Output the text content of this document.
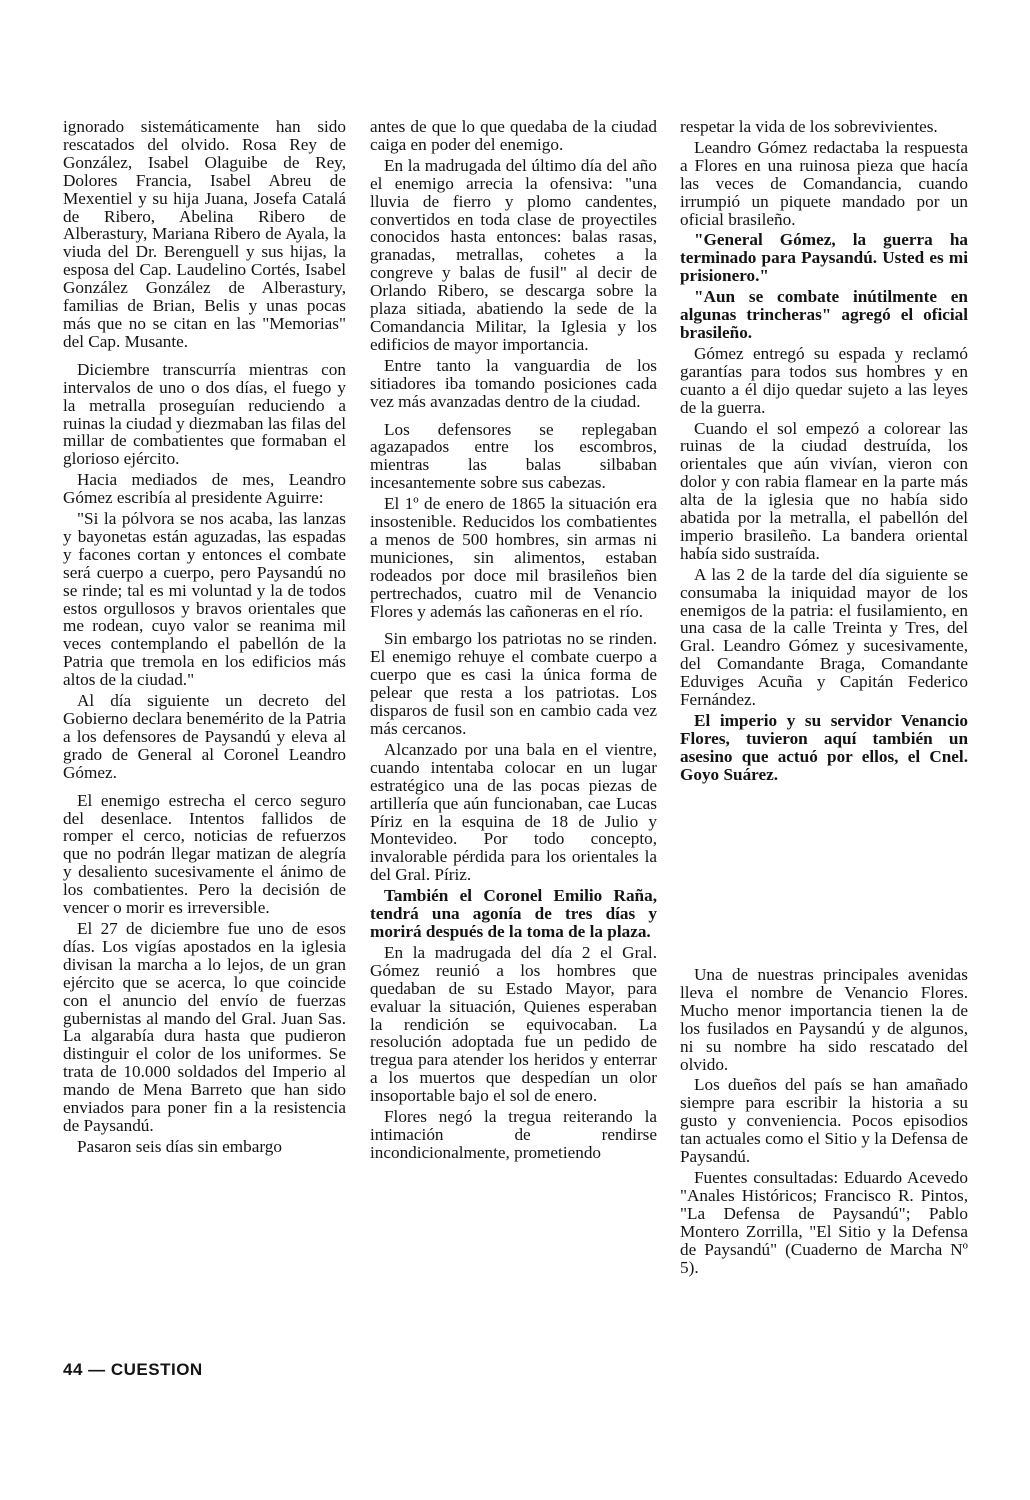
ignorado sistemáticamente han sido rescatados del olvido. Rosa Rey de González, Isabel Olaguibe de Rey, Dolores Francia, Isabel Abreu de Mexentiel y su hija Juana, Josefa Catalá de Ribero, Abelina Ribero de Alberastury, Mariana Ribero de Ayala, la viuda del Dr. Berenguell y sus hijas, la esposa del Cap. Laudelino Cortés, Isabel González González de Alberastury, familias de Brian, Belis y unas pocas más que no se citan en las "Memorias" del Cap. Musante.

Diciembre transcurría mientras con intervalos de uno o dos días, el fuego y la metralla proseguían reduciendo a ruinas la ciudad y diezmaban las filas del millar de combatientes que formaban el glorioso ejército.

Hacia mediados de mes, Leandro Gómez escribía al presidente Aguirre:

"Si la pólvora se nos acaba, las lanzas y bayonetas están aguzadas, las espadas y facones cortan y entonces el combate será cuerpo a cuerpo, pero Paysandú no se rinde; tal es mi voluntad y la de todos estos orgullosos y bravos orientales que me rodean, cuyo valor se reanima mil veces contemplando el pabellón de la Patria que tremola en los edificios más altos de la ciudad."

Al día siguiente un decreto del Gobierno declara benemérito de la Patria a los defensores de Paysandú y eleva al grado de General al Coronel Leandro Gómez.

El enemigo estrecha el cerco seguro del desenlace. Intentos fallidos de romper el cerco, noticias de refuerzos que no podrán llegar matizan de alegría y desaliento sucesivamente el ánimo de los combatientes. Pero la decisión de vencer o morir es irreversible.

El 27 de diciembre fue uno de esos días. Los vigías apostados en la iglesia divisan la marcha a lo lejos, de un gran ejército que se acerca, lo que coincide con el anuncio del envío de fuerzas gubernistas al mando del Gral. Juan Sas. La algarabía dura hasta que pudieron distinguir el color de los uniformes. Se trata de 10.000 soldados del Imperio al mando de Mena Barreto que han sido enviados para poner fin a la resistencia de Paysandú.

Pasaron seis días sin embargo

antes de que lo que quedaba de la ciudad caiga en poder del enemigo.

En la madrugada del último día del año el enemigo arrecia la ofensiva: "una lluvia de fierro y plomo candentes, convertidos en toda clase de proyectiles conocidos hasta entonces: balas rasas, granadas, metrallas, cohetes a la congreve y balas de fusil" al decir de Orlando Ribero, se descarga sobre la plaza sitiada, abatiendo la sede de la Comandancia Militar, la Iglesia y los edificios de mayor importancia.

Entre tanto la vanguardia de los sitiadores iba tomando posiciones cada vez más avanzadas dentro de la ciudad.

Los defensores se replegaban agazapados entre los escombros, mientras las balas silbaban incesantemente sobre sus cabezas.

El 1º de enero de 1865 la situación era insostenible. Reducidos los combatientes a menos de 500 hombres, sin armas ni municiones, sin alimentos, estaban rodeados por doce mil brasileños bien pertrechados, cuatro mil de Venancio Flores y además las cañoneras en el río.

Sin embargo los patriotas no se rinden. El enemigo rehuye el combate cuerpo a cuerpo que es casi la única forma de pelear que resta a los patriotas. Los disparos de fusil son en cambio cada vez más cercanos.

Alcanzado por una bala en el vientre, cuando intentaba colocar en un lugar estratégico una de las pocas piezas de artillería que aún funcionaban, cae Lucas Píriz en la esquina de 18 de Julio y Montevideo. Por todo concepto, invalorable pérdida para los orientales la del Gral. Píriz.

También el Coronel Emilio Raña, tendrá una agonía de tres días y morirá después de la toma de la plaza.

En la madrugada del día 2 el Gral. Gómez reunió a los hombres que quedaban de su Estado Mayor, para evaluar la situación, Quienes esperaban la rendición se equivocaban. La resolución adoptada fue un pedido de tregua para atender los heridos y enterrar a los muertos que despedían un olor insoportable bajo el sol de enero.

Flores negó la tregua reiterando la intimación de rendirse incondicionalmente, prometiendo

respetar la vida de los sobrevivientes.

Leandro Gómez redactaba la respuesta a Flores en una ruinosa pieza que hacía las veces de Comandancia, cuando irrumpió un piquete mandado por un oficial brasileño.

"General Gómez, la guerra ha terminado para Paysandú. Usted es mi prisionero."

"Aun se combate inútilmente en algunas trincheras" agregó el oficial brasileño.

Gómez entregó su espada y reclamó garantías para todos sus hombres y en cuanto a él dijo quedar sujeto a las leyes de la guerra.

Cuando el sol empezó a colorear las ruinas de la ciudad destruída, los orientales que aún vivían, vieron con dolor y con rabia flamear en la parte más alta de la iglesia que no había sido abatida por la metralla, el pabellón del imperio brasileño. La bandera oriental había sido sustraída.

A las 2 de la tarde del día siguiente se consumaba la iniquidad mayor de los enemigos de la patria: el fusilamiento, en una casa de la calle Treinta y Tres, del Gral. Leandro Gómez y sucesivamente, del Comandante Braga, Comandante Eduviges Acuña y Capitán Federico Fernández.

El imperio y su servidor Venancio Flores, tuvieron aquí también un asesino que actuó por ellos, el Cnel. Goyo Suárez.

Una de nuestras principales avenidas lleva el nombre de Venancio Flores. Mucho menor importancia tienen la de los fusilados en Paysandú y de algunos, ni su nombre ha sido rescatado del olvido.

Los dueños del país se han amañado siempre para escribir la historia a su gusto y conveniencia. Pocos episodios tan actuales como el Sitio y la Defensa de Paysandú.

Fuentes consultadas: Eduardo Acevedo "Anales Históricos; Francisco R. Pintos, "La Defensa de Paysandú"; Pablo Montero Zorrilla, "El Sitio y la Defensa de Paysandú" (Cuaderno de Marcha Nº 5).

44 — CUESTION
